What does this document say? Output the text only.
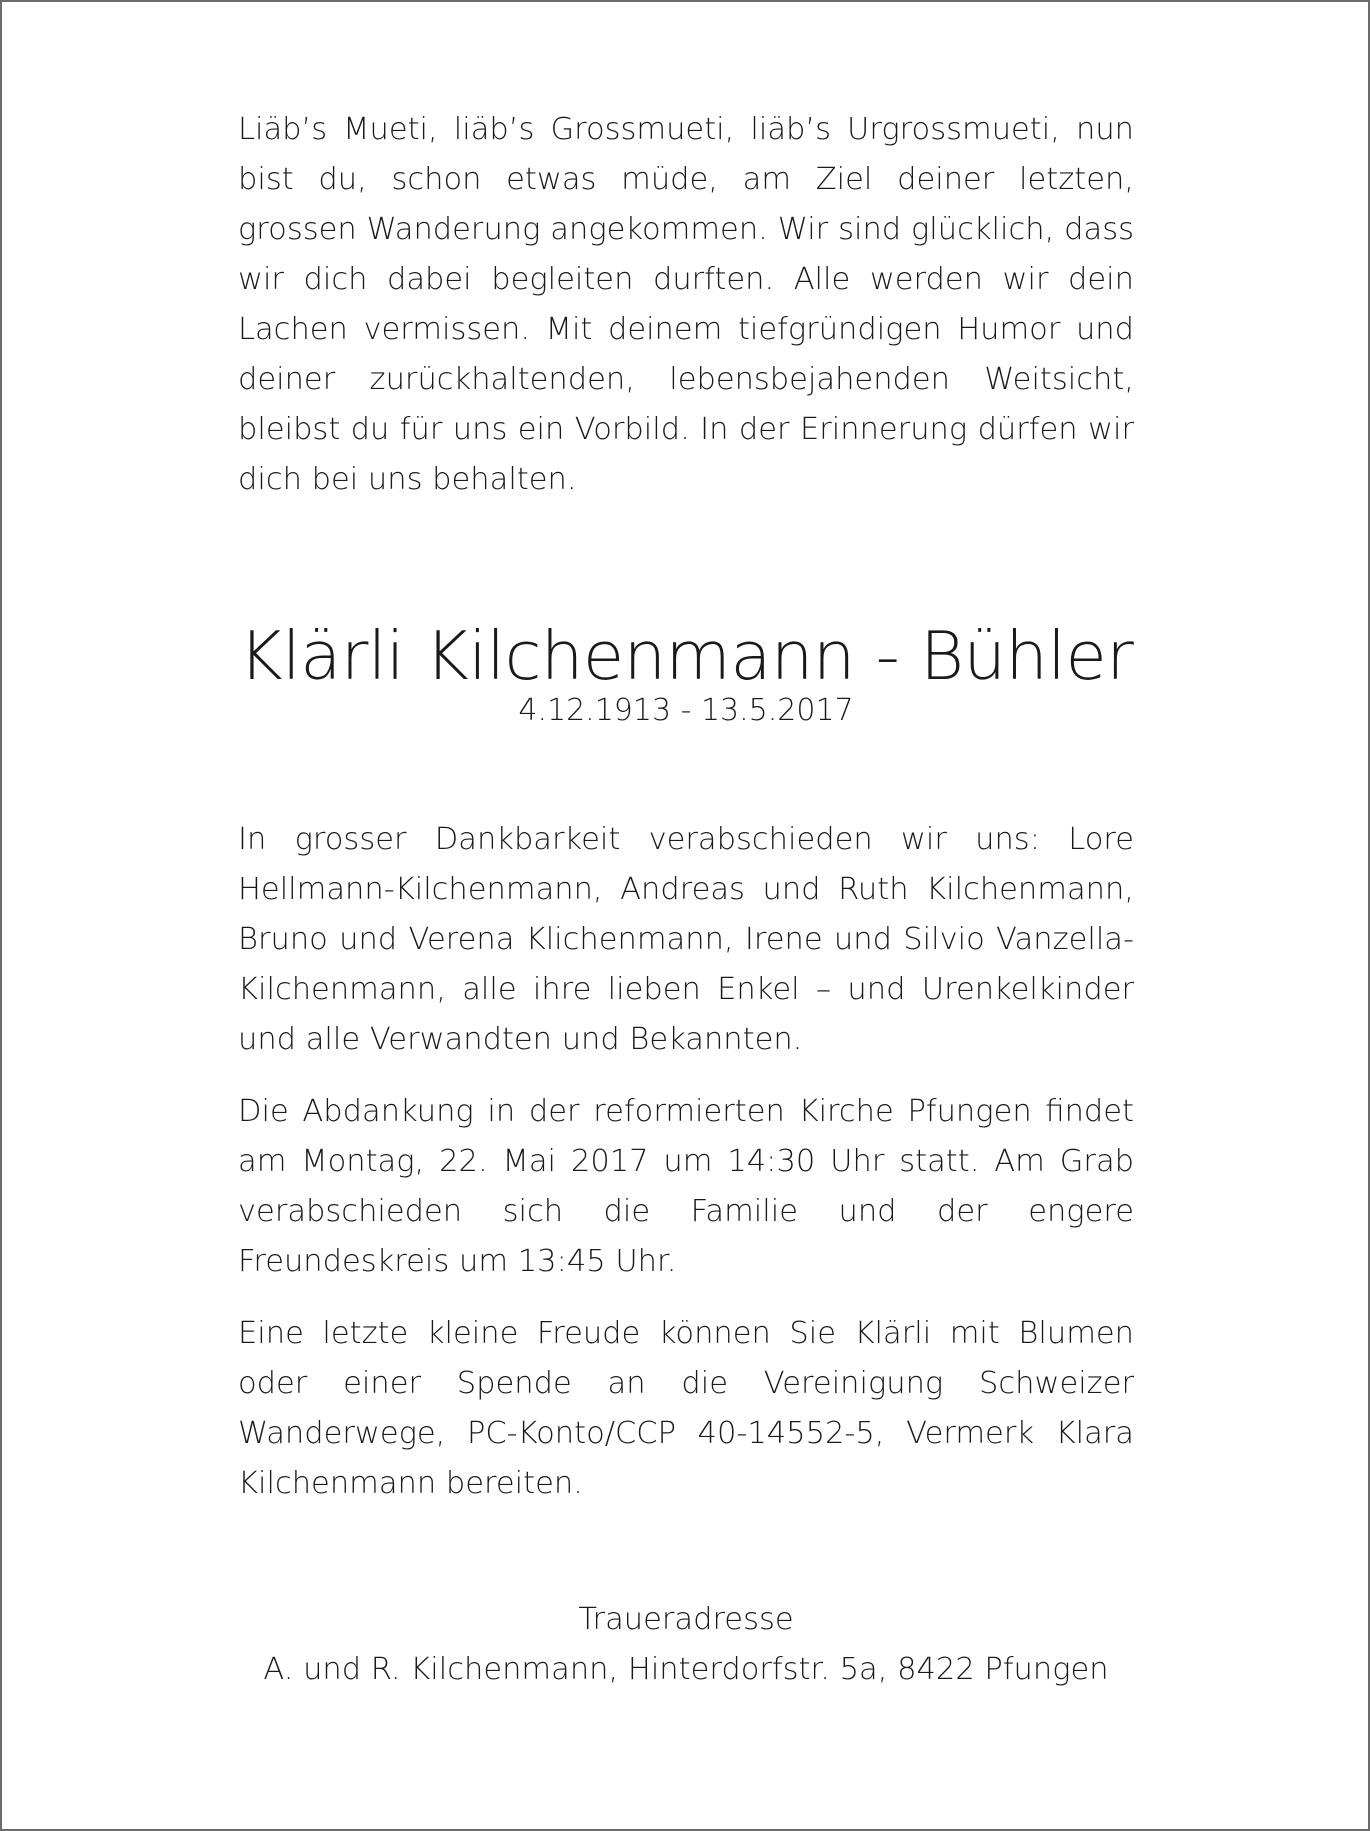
Liäb’s Mueti, liäb’s Grossmueti, liäb’s Urgrossmueti, nun bist du, schon etwas müde, am Ziel deiner letzten, grossen Wanderung angekommen. Wir sind glücklich, dass wir dich dabei begleiten durften. Alle werden wir dein Lachen vermissen. Mit deinem tiefgründigen Humor und deiner zurückhaltenden, lebensbejahenden Weitsicht, bleibst du für uns ein Vorbild. In der Erinnerung dürfen wir dich bei uns behalten.

Klärli Kilchenmann - Bühler
4.12.1913 - 13.5.2017

In grosser Dankbarkeit verabschieden wir uns: Lore Hellmann-Kilchenmann, Andreas und Ruth Kilchenmann, Bruno und Verena Klichenmann, Irene und Silvio Vanzella-Kilchenmann, alle ihre lieben Enkel – und Urenkelkinder und alle Verwandten und Bekannten.

Die Abdankung in der reformierten Kirche Pfungen findet am Montag, 22. Mai 2017 um 14:30 Uhr statt. Am Grab verabschieden sich die Familie und der engere Freundeskreis um 13:45 Uhr.

Eine letzte kleine Freude können Sie Klärli mit Blumen oder einer Spende an die Vereinigung Schweizer Wanderwege, PC-Konto/CCP 40-14552-5, Vermerk Klara Kilchenmann bereiten.

Traueradresse
A. und R. Kilchenmann, Hinterdorfstr. 5a, 8422 Pfungen
